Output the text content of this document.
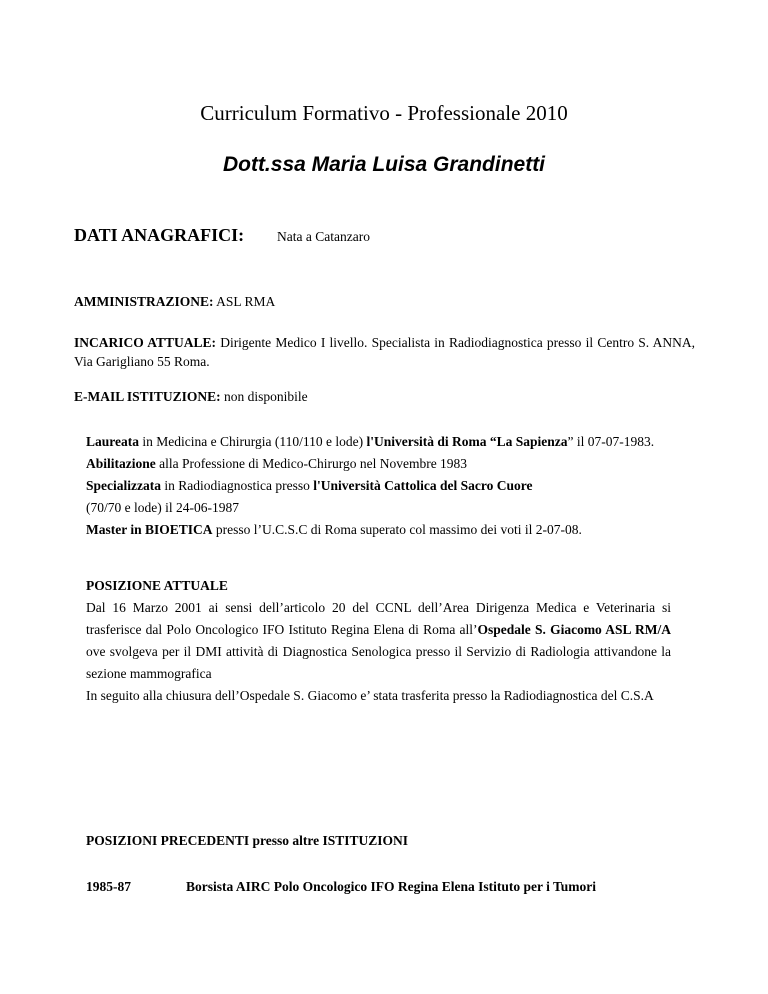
Curriculum Formativo - Professionale 2010
Dott.ssa Maria Luisa Grandinetti
DATI ANAGRAFICI: Nata a Catanzaro
AMMINISTRAZIONE: ASL RMA
INCARICO ATTUALE: Dirigente Medico I livello. Specialista in Radiodiagnostica presso il Centro S. ANNA, Via Garigliano 55 Roma.
E-MAIL ISTITUZIONE: non disponibile

Laureata in Medicina e Chirurgia (110/110 e lode) l'Università di Roma “La Sapienza” il 07-07-1983.

Abilitazione alla Professione di Medico-Chirurgo nel Novembre 1983

Specializzata in Radiodiagnostica presso l'Università Cattolica del Sacro Cuore

(70/70 e lode) il 24-06-1987

Master in BIOETICA presso l’U.C.S.C di Roma superato col massimo dei voti il 2-07-08.

POSIZIONE ATTUALE

Dal 16 Marzo 2001 ai sensi dell’articolo 20 del CCNL dell’Area Dirigenza Medica e Veterinaria si trasferisce dal Polo Oncologico IFO Istituto Regina Elena di Roma all’Ospedale S. Giacomo ASL RM/A ove svolgeva per il DMI attività di Diagnostica Senologica presso il Servizio di Radiologia attivandone la sezione mammografica

In seguito alla chiusura dell’Ospedale S. Giacomo e’ stata trasferita presso la Radiodiagnostica del C.S.A

POSIZIONI PRECEDENTI presso altre ISTITUZIONI
1985-87	Borsista AIRC Polo Oncologico IFO Regina Elena Istituto per i Tumori
